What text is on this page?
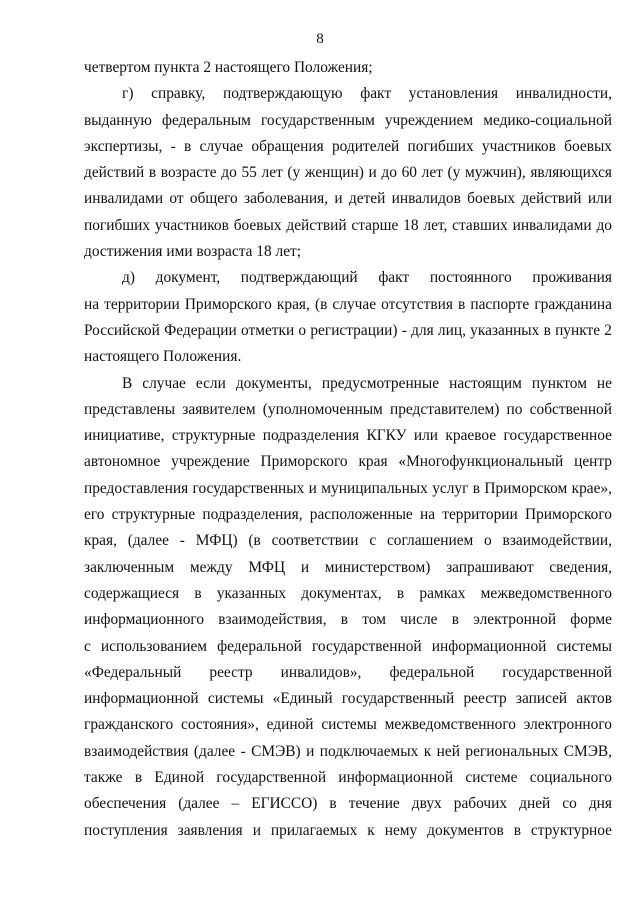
8
четвертом пункта 2 настоящего Положения;
г) справку, подтверждающую факт установления инвалидности,
выданную федеральным государственным учреждением медико-социальной
экспертизы, - в случае обращения родителей погибших участников боевых
действий в возрасте до 55 лет (у женщин) и до 60 лет (у мужчин), являющихся
инвалидами от общего заболевания, и детей инвалидов боевых действий или
погибших участников боевых действий старше 18 лет, ставших инвалидами до
достижения ими возраста 18 лет;
д) документ, подтверждающий факт постоянного проживания
на территории Приморского края, (в случае отсутствия в паспорте гражданина
Российской Федерации отметки о регистрации) - для лиц, указанных в пункте 2
настоящего Положения.
В случае если документы, предусмотренные настоящим пунктом не
представлены заявителем (уполномоченным представителем) по собственной
инициативе, структурные подразделения КГКУ или краевое государственное
автономное учреждение Приморского края «Многофункциональный центр
предоставления государственных и муниципальных услуг в Приморском крае»,
его структурные подразделения, расположенные на территории Приморского
края, (далее - МФЦ) (в соответствии с соглашением о взаимодействии,
заключенным между МФЦ и министерством) запрашивают сведения,
содержащиеся в указанных документах, в рамках межведомственного
информационного взаимодействия, в том числе в электронной форме
с использованием федеральной государственной информационной системы
«Федеральный реестр инвалидов», федеральной государственной
информационной системы «Единый государственный реестр записей актов
гражданского состояния», единой системы межведомственного электронного
взаимодействия (далее - СМЭВ) и подключаемых к ней региональных СМЭВ,
также в Единой государственной информационной системе социального
обеспечения (далее – ЕГИССО) в течение двух рабочих дней со дня
поступления заявления и прилагаемых к нему документов в структурное
